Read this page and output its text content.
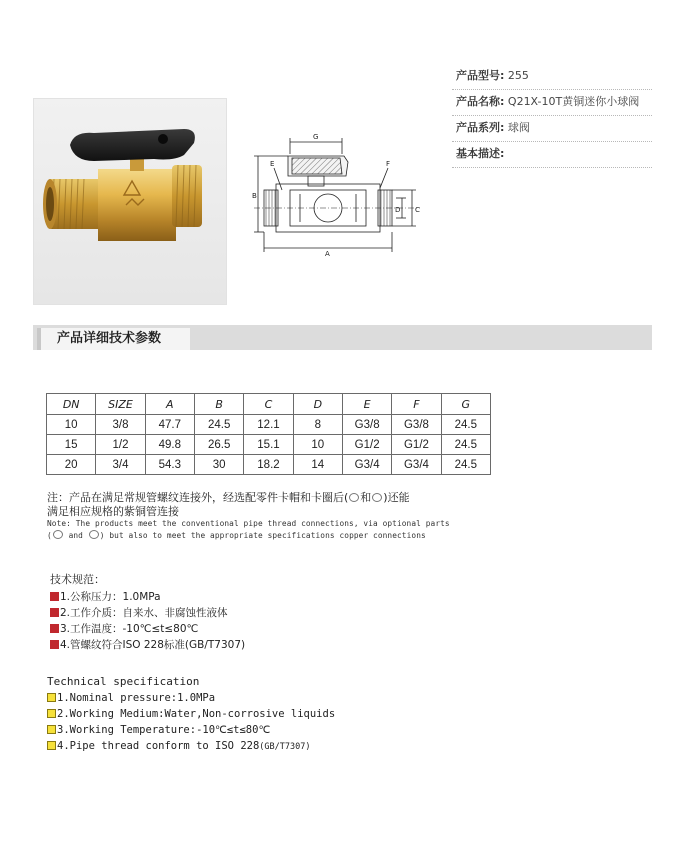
G
B
E	F
C
D
A
产品型号: 255
产品名称: Q21X-10T黄铜迷你小球阀
产品系列: 球阀
基本描述:
产品详细技术参数
DN	SIZE	A	B	C	D	E	F	G
10	3/8	47.7	24.5	12.1	8	G3/8	G3/8	24.5
15	1/2	49.8	26.5	15.1	10	G1/2	G1/2	24.5
20	3/4	54.3	30	18.2	14	G3/4	G3/4	24.5
注：产品在满足常规管螺纹连接外，经选配零件卡帽和卡圈后( 和 )还能
满足相应规格的紫铜管连接
Note: The products meet the conventional pipe thread connections, via optional parts
( and ) but also to meet the appropriate specifications copper connections
技术规范：
1.公称压力：1.0MPa
2.工作介质：自来水、非腐蚀性液体
3.工作温度：-10℃≤t≤80℃
4.管螺纹符合ISO 228标准(GB/T7307)
Technical specification
1.Nominal pressure:1.0MPa
2.Working Medium:Water,Non-corrosive liquids
3.Working Temperature:-10℃≤t≤80℃
4.Pipe thread conform to ISO 228(GB/T7307)
